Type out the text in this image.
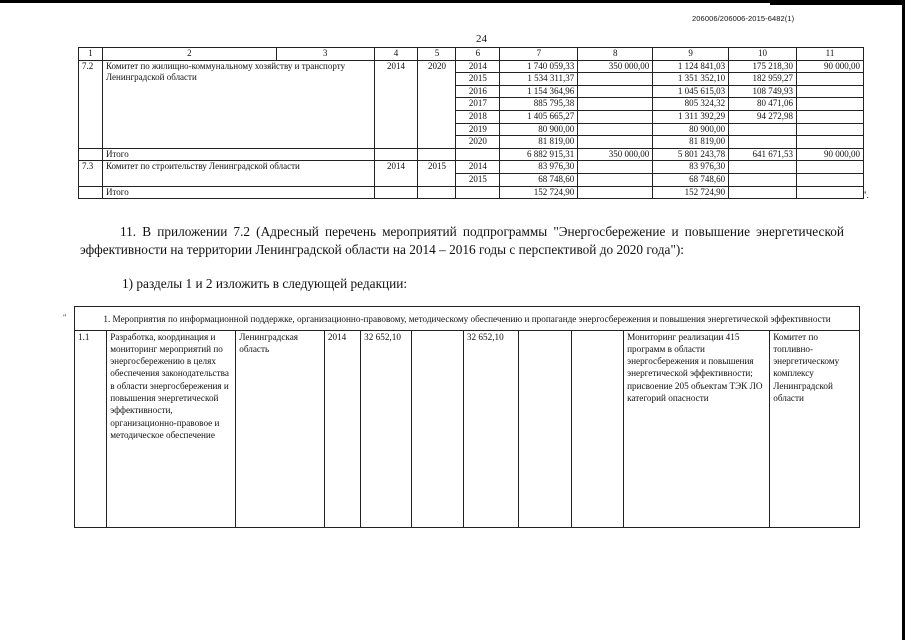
206006/206006-2015-6482(1)
24
1	2	3	4	5	6	7	8	9	10	11
7.2	Комитет по жилищно-коммунальному хозяйству и транспорту Ленинградской области		2014	2020	2014	1 740 059,33	350 000,00	1 124 841,03	175 218,30	90 000,00
					2015	1 534 311,37		1 351 352,10	182 959,27	
					2016	1 154 364,96		1 045 615,03	108 749,93	
					2017	885 795,38		805 324,32	80 471,06	
					2018	1 405 665,27		1 311 392,29	94 272,98	
					2019	80 900,00		80 900,00		
					2020	81 819,00		81 819,00		
	Итого					6 882 915,31	350 000,00	5 801 243,78	641 671,53	90 000,00
7.3	Комитет по строительству Ленинградской области		2014	2015	2014	83 976,30		83 976,30		
					2015	68 748,60		68 748,60		
	Итого					152 724,90		152 724,90			".
11. В приложении 7.2 (Адресный перечень мероприятий подпрограммы "Энергосбережение и повышение энергетической эффективности на территории Ленинградской области на 2014 – 2016 годы с перспективой до 2020 года"):
1) разделы 1 и 2 изложить в следующей редакции:
"	1. Мероприятия по информационной поддержке, организационно-правовому, методическому обеспечению и пропаганде энергосбережения и повышения энергетической эффективности
1.1	Разработка, координация и мониторинг мероприятий по энергосбережению в целях обеспечения законодательства в области энергосбережения и повышения энергетической эффективности, организационно-правовое и методическое обеспечение	Ленинградская область	2014	32 652,10		32 652,10			Мониторинг реализации 415 программ в области энергосбережения и повышения энергетической эффективности; присвоение 205 объектам ТЭК ЛО категорий опасности	Комитет по топливно-энергетическому комплексу Ленинградской области
